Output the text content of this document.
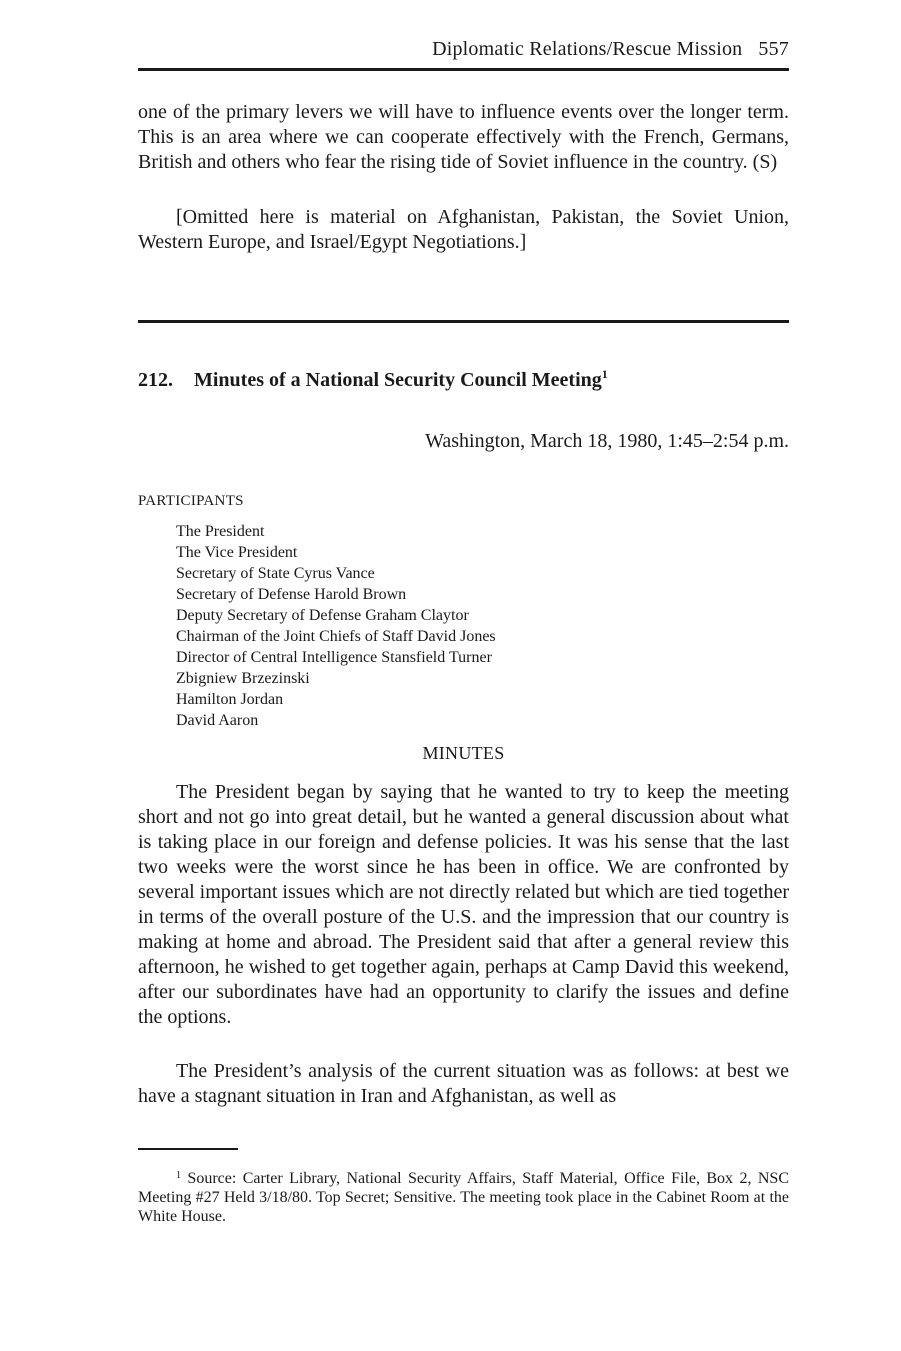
Diplomatic Relations/Rescue Mission 557

one of the primary levers we will have to influence events over the longer term. This is an area where we can cooperate effectively with the French, Germans, British and others who fear the rising tide of Soviet influence in the country. (S)

[Omitted here is material on Afghanistan, Pakistan, the Soviet Union, Western Europe, and Israel/Egypt Negotiations.]

212. Minutes of a National Security Council Meeting$^1$
Washington, March 18, 1980, 1:45–2:54 p.m.
PARTICIPANTS
The President
The Vice President
Secretary of State Cyrus Vance
Secretary of Defense Harold Brown
Deputy Secretary of Defense Graham Claytor
Chairman of the Joint Chiefs of Staff David Jones
Director of Central Intelligence Stansfield Turner
Zbigniew Brzezinski
Hamilton Jordan
David Aaron
MINUTES

The President began by saying that he wanted to try to keep the meeting short and not go into great detail, but he wanted a general discussion about what is taking place in our foreign and defense policies. It was his sense that the last two weeks were the worst since he has been in office. We are confronted by several important issues which are not directly related but which are tied together in terms of the overall posture of the U.S. and the impression that our country is making at home and abroad. The President said that after a general review this afternoon, he wished to get together again, perhaps at Camp David this weekend, after our subordinates have had an opportunity to clarify the issues and define the options.

The President’s analysis of the current situation was as follows: at best we have a stagnant situation in Iran and Afghanistan, as well as

$^1$ Source: Carter Library, National Security Affairs, Staff Material, Office File, Box 2, NSC Meeting #27 Held 3/18/80. Top Secret; Sensitive. The meeting took place in the Cabinet Room at the White House.
